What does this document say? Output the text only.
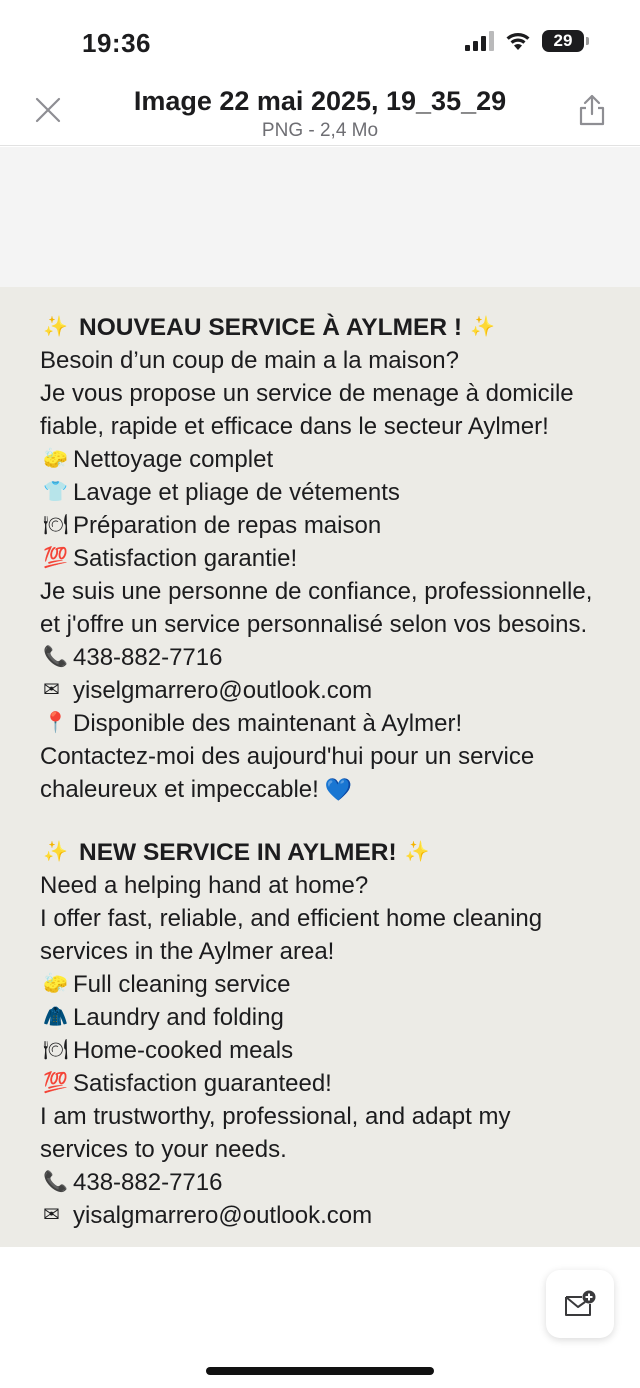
19:36	29
Image 22 mai 2025, 19_35_29
PNG - 2,4 Mo
✨ NOUVEAU SERVICE À AYLMER ! ✨
Besoin d’un coup de main a la maison?
Je vous propose un service de menage à domicile
fiable, rapide et efficace dans le secteur Aylmer!
🧽 Nettoyage complet
👕 Lavage et pliage de vétements
🍽 Préparation de repas maison
💯 Satisfaction garantie!
Je suis une personne de confiance, professionnelle,
et j'offre un service personnalisé selon vos besoins.
📞 438-882-7716
✉ yiselgmarrero@outlook.com
📍 Disponible des maintenant à Aylmer!
Contactez-moi des aujourd'hui pour un service
chaleureux et impeccable! 💙
✨ NEW SERVICE IN AYLMER! ✨
Need a helping hand at home?
I offer fast, reliable, and efficient home cleaning
services in the Aylmer area!
🧽 Full cleaning service
🧥 Laundry and folding
🍽 Home-cooked meals
💯 Satisfaction guaranteed!
I am trustworthy, professional, and adapt my
services to your needs.
📞 438-882-7716
✉ yisalgmarrero@outlook.com
